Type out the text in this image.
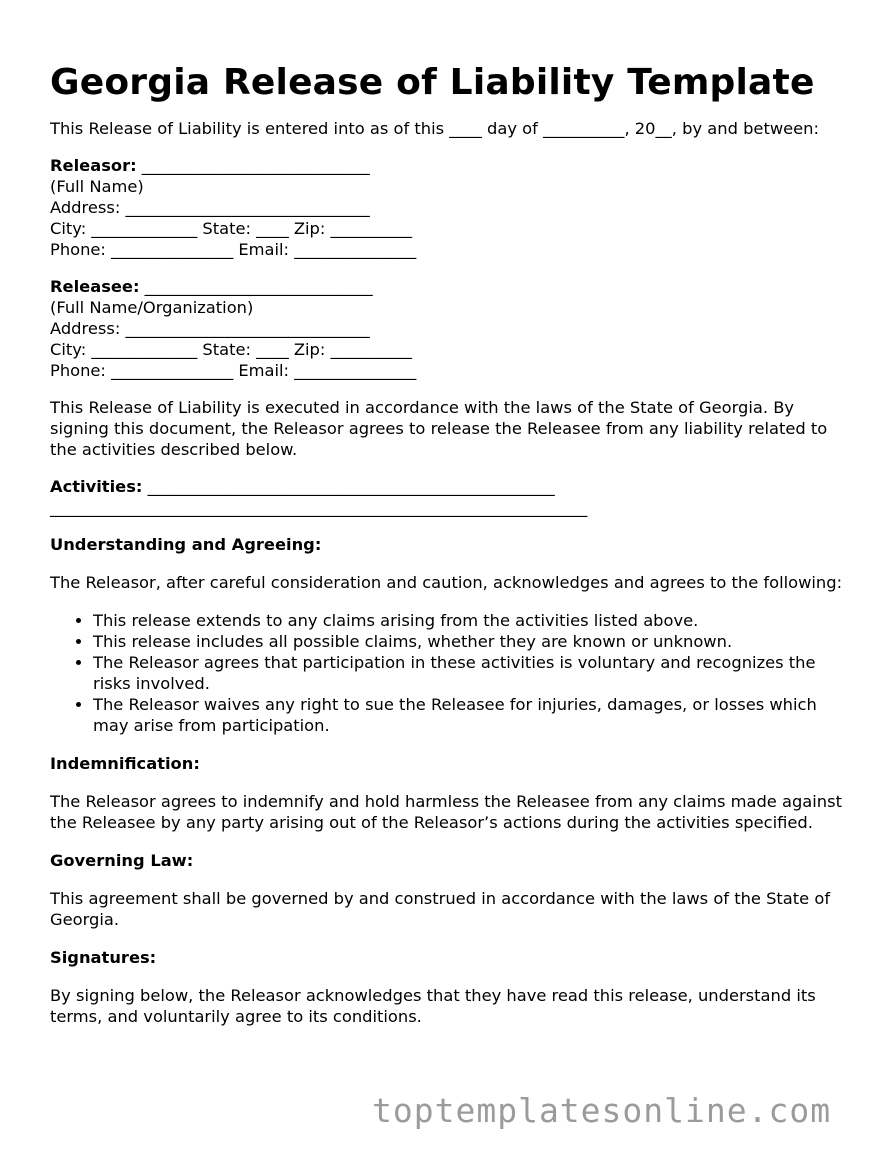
Georgia Release of Liability Template

This Release of Liability is entered into as of this ____ day of __________, 20__, by and between:

Releasor: ____________________________
(Full Name)
Address: ______________________________
City: _____________ State: ____ Zip: __________
Phone: _______________ Email: _______________
Releasee: ____________________________
(Full Name/Organization)
Address: ______________________________
City: _____________ State: ____ Zip: __________
Phone: _______________ Email: _______________

This Release of Liability is executed in accordance with the laws of the State of Georgia. By signing this document, the Releasor agrees to release the Releasee from any liability related to the activities described below.

Activities: __________________________________________________
__________________________________________________________________
Understanding and Agreeing:

The Releasor, after careful consideration and caution, acknowledges and agrees to the following:

• This release extends to any claims arising from the activities listed above.
• This release includes all possible claims, whether they are known or unknown.
• The Releasor agrees that participation in these activities is voluntary and recognizes the risks involved.
• The Releasor waives any right to sue the Releasee for injuries, damages, or losses which may arise from participation.
Indemnification:

The Releasor agrees to indemnify and hold harmless the Releasee from any claims made against the Releasee by any party arising out of the Releasor’s actions during the activities specified.

Governing Law:

This agreement shall be governed by and construed in accordance with the laws of the State of Georgia.

Signatures:

By signing below, the Releasor acknowledges that they have read this release, understand its terms, and voluntarily agree to its conditions.

toptemplatesonline.com
